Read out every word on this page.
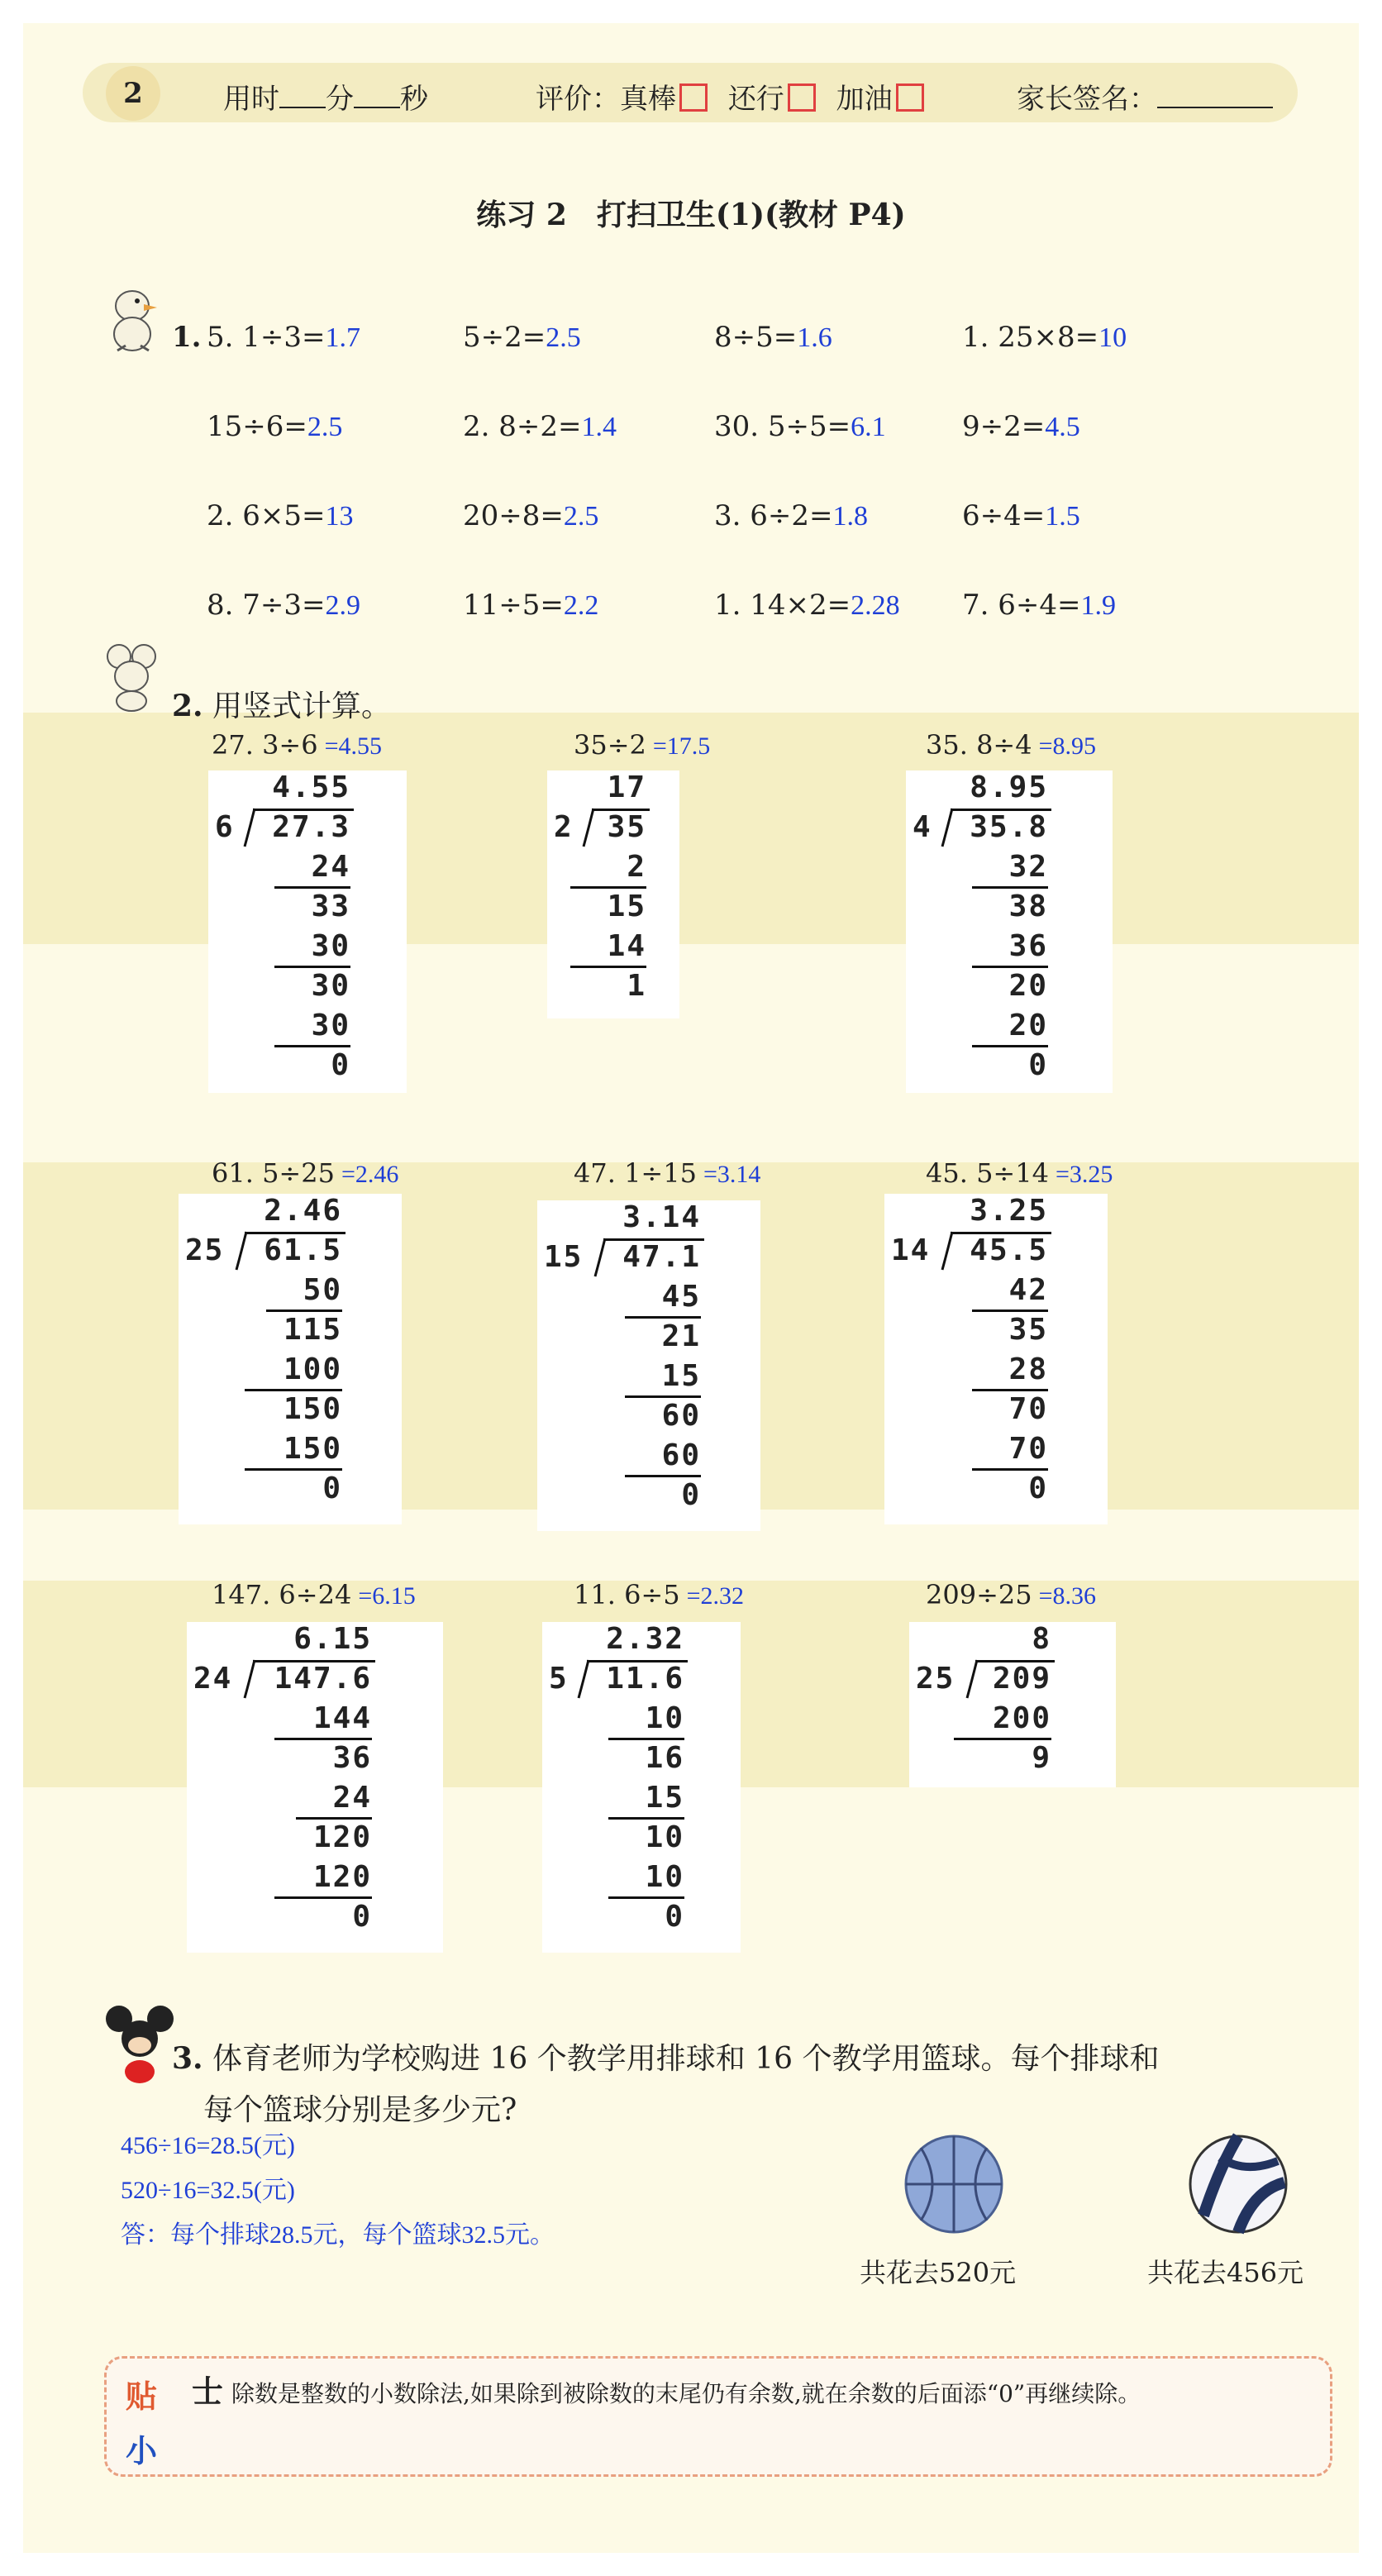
2	用时 分 秒	评价：真棒 还行 加油	家长签名：
练习 2　打扫卫生(1)(教材 P4)
1. 5. 1÷3=1.7	5÷2=2.5	8÷5=1.6	1. 25×8=10
15÷6=2.5	2. 8÷2=1.4	30. 5÷5=6.1	9÷2=4.5
2. 6×5=13	20÷8=2.5	3. 6÷2=1.8	6÷4=1.5
8. 7÷3=2.9	11÷5=2.2	1. 14×2=2.28 7. 6÷4=1.9
2. 用竖式计算。
27. 3÷6 =4.55
4.55
6 27.3
24
33
30
30
30
0
35÷2 =17.5
17
2 35
2
15
14
1
35. 8÷4 =8.95
8.95
4 35.8
32
38
36
20
20
0
61. 5÷25 =2.46
2.46
25 61.5
50
115
100
150
150
0
47. 1÷15 =3.14
3.14
15 47.1
45
21
15
60
60
0
45. 5÷14 =3.25
3.25
14 45.5
42
35
28
70
70
0
147. 6÷24 =6.15
6.15
24 147.6
144
36
24
120
120
0
11. 6÷5 =2.32
2.32
5 11.6
10
16
15
10
10
0
209÷25 =8.36
8
25 209
200
9
3. 体育老师为学校购进 16 个教学用排球和 16 个教学用篮球。每个排球和
每个篮球分别是多少元?
456÷16=28.5(元)
520÷16=32.5(元)
答：每个排球28.5元，每个篮球32.5元。
共花去520元	共花去456元
贴 士
小
除数是整数的小数除法,如果除到被除数的末尾仍有余数,就在余数的后面添“0”再继续除。
